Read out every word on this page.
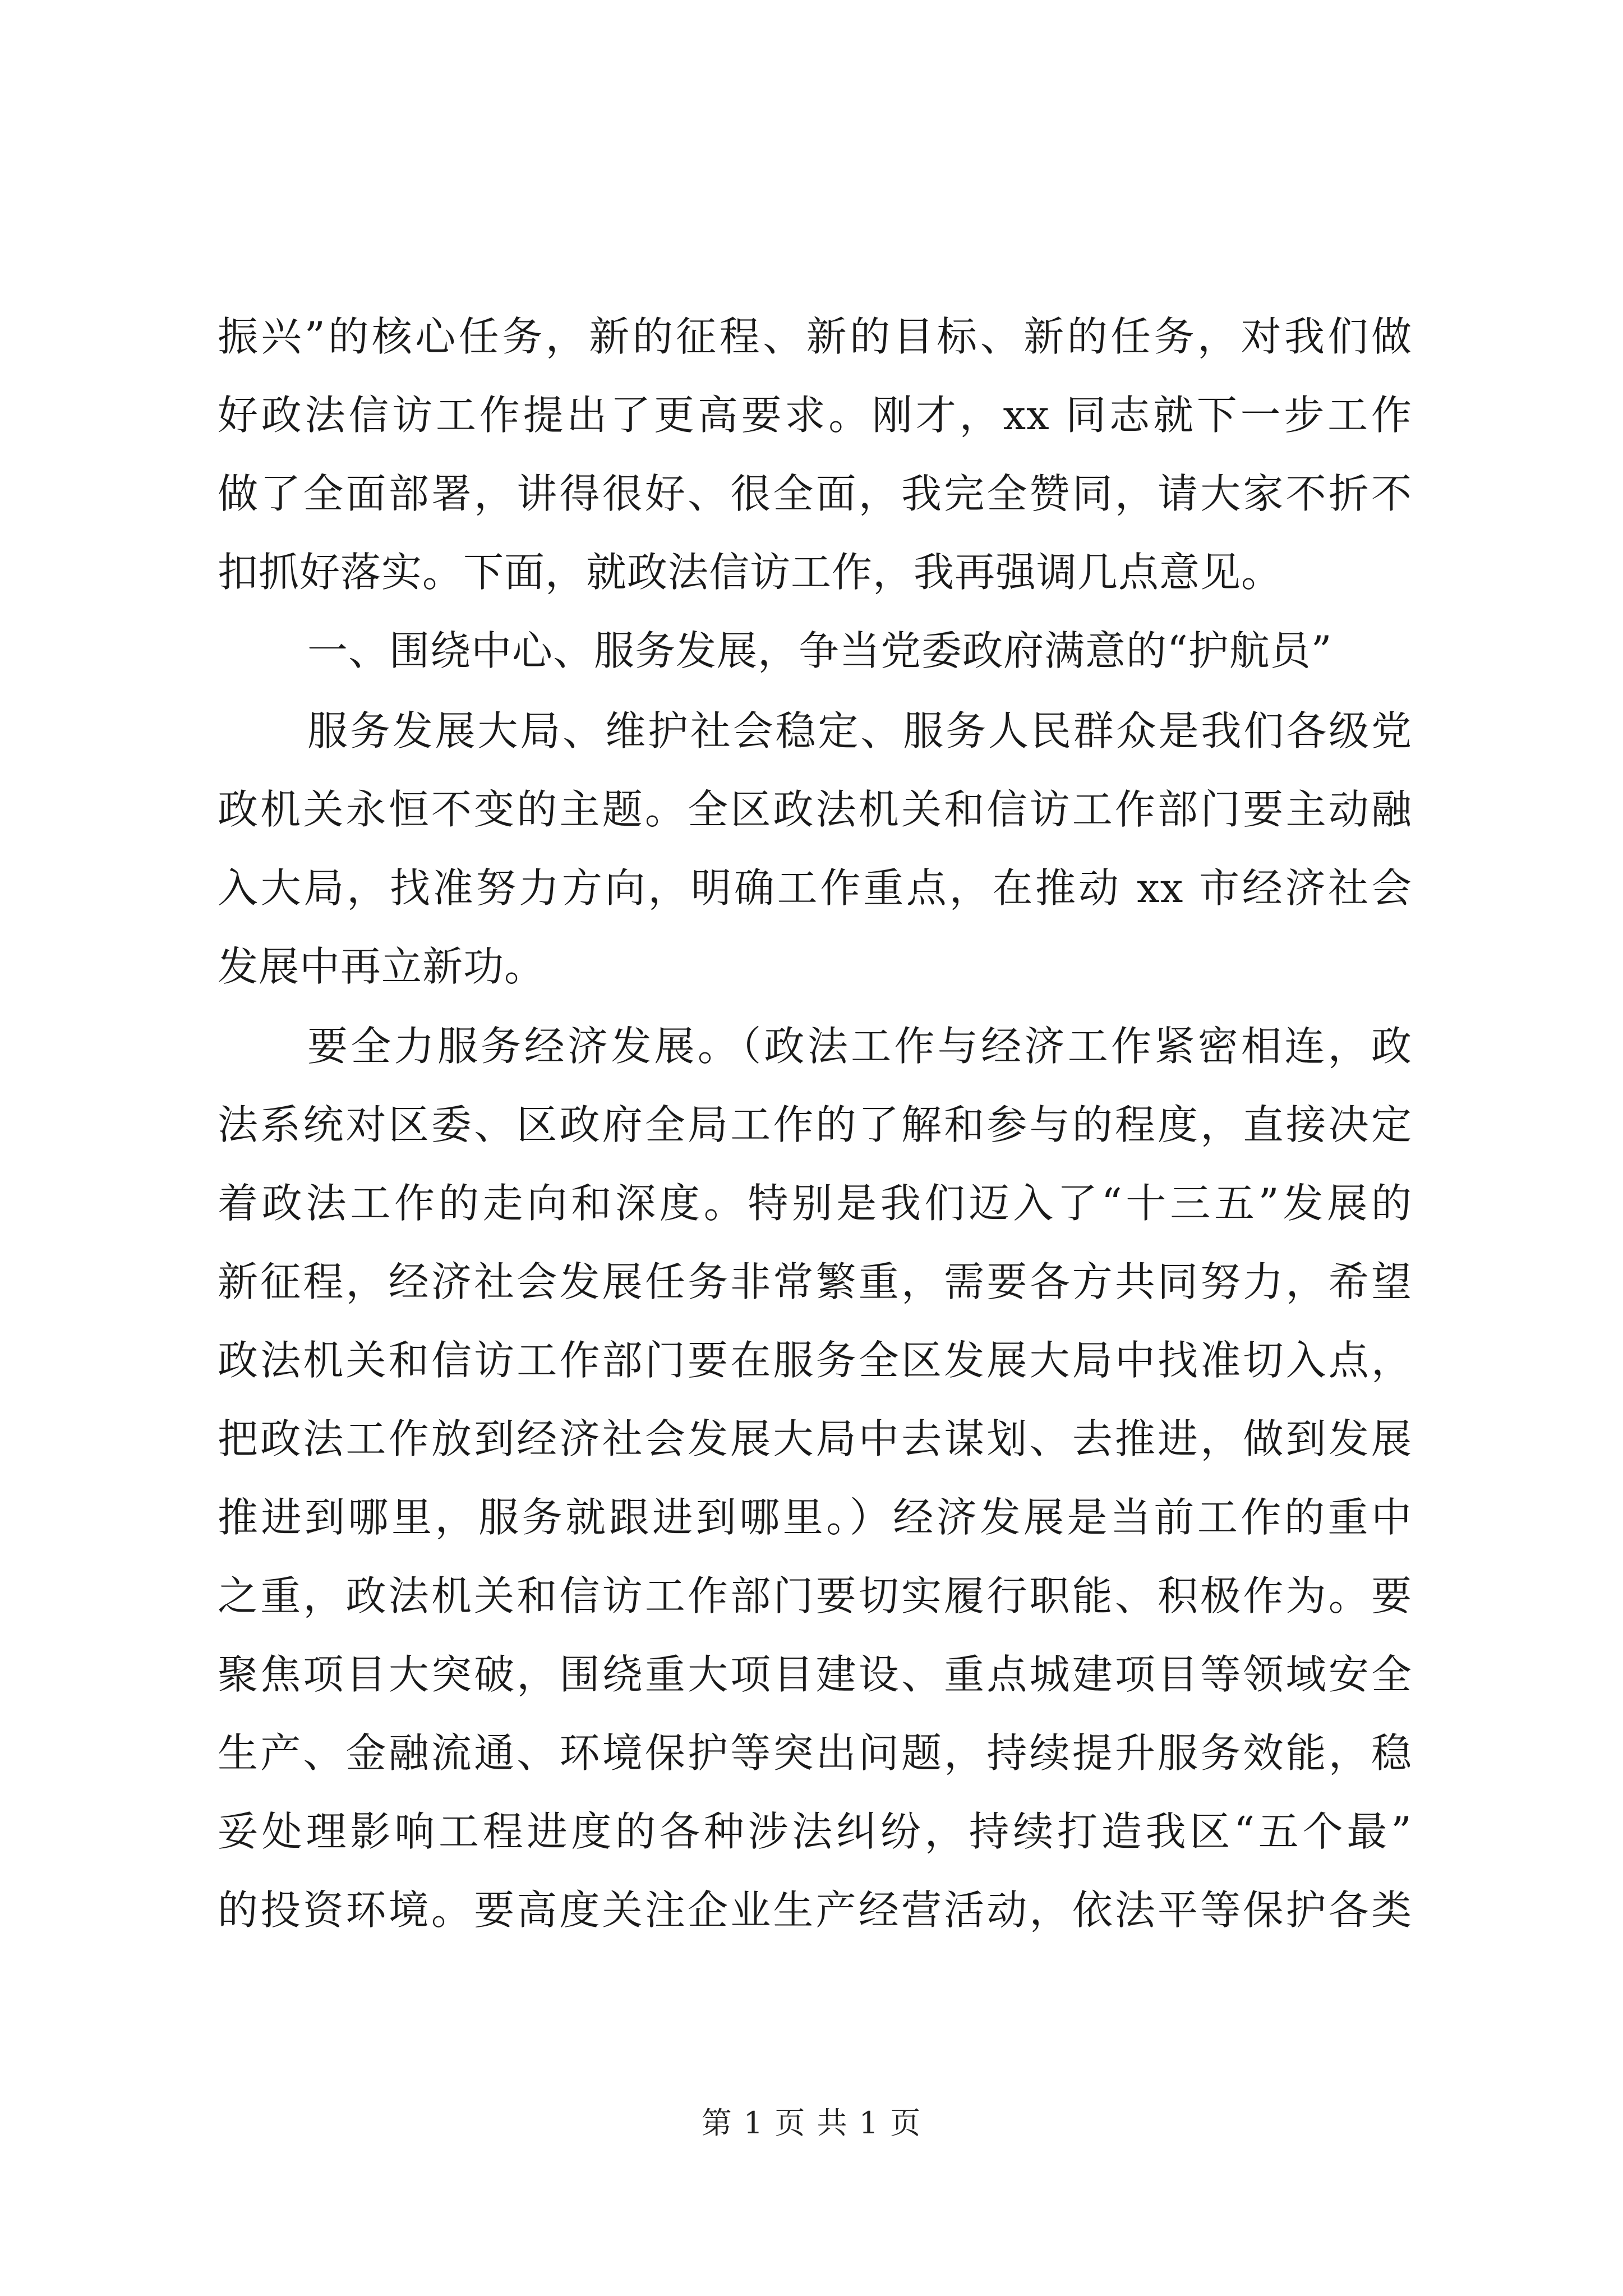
振兴”的核心任务，新的征程、新的目标、新的任务，对我们做
好政法信访工作提出了更高要求。刚才，xx 同志就下一步工作
做了全面部署，讲得很好、很全面，我完全赞同，请大家不折不
扣抓好落实。下面，就政法信访工作，我再强调几点意见。
一、围绕中心、服务发展，争当党委政府满意的“护航员”
服务发展大局、维护社会稳定、服务人民群众是我们各级党
政机关永恒不变的主题。全区政法机关和信访工作部门要主动融
入大局，找准努力方向，明确工作重点，在推动 xx 市经济社会
发展中再立新功。
要全力服务经济发展。（政法工作与经济工作紧密相连，政
法系统对区委、区政府全局工作的了解和参与的程度，直接决定
着政法工作的走向和深度。特别是我们迈入了“十三五”发展的
新征程，经济社会发展任务非常繁重，需要各方共同努力，希望
政法机关和信访工作部门要在服务全区发展大局中找准切入点，
把政法工作放到经济社会发展大局中去谋划、去推进，做到发展
推进到哪里，服务就跟进到哪里。）经济发展是当前工作的重中
之重，政法机关和信访工作部门要切实履行职能、积极作为。要
聚焦项目大突破，围绕重大项目建设、重点城建项目等领域安全
生产、金融流通、环境保护等突出问题，持续提升服务效能，稳
妥处理影响工程进度的各种涉法纠纷，持续打造我区“五个最”
的投资环境。要高度关注企业生产经营活动，依法平等保护各类
第 1 页 共 1 页
